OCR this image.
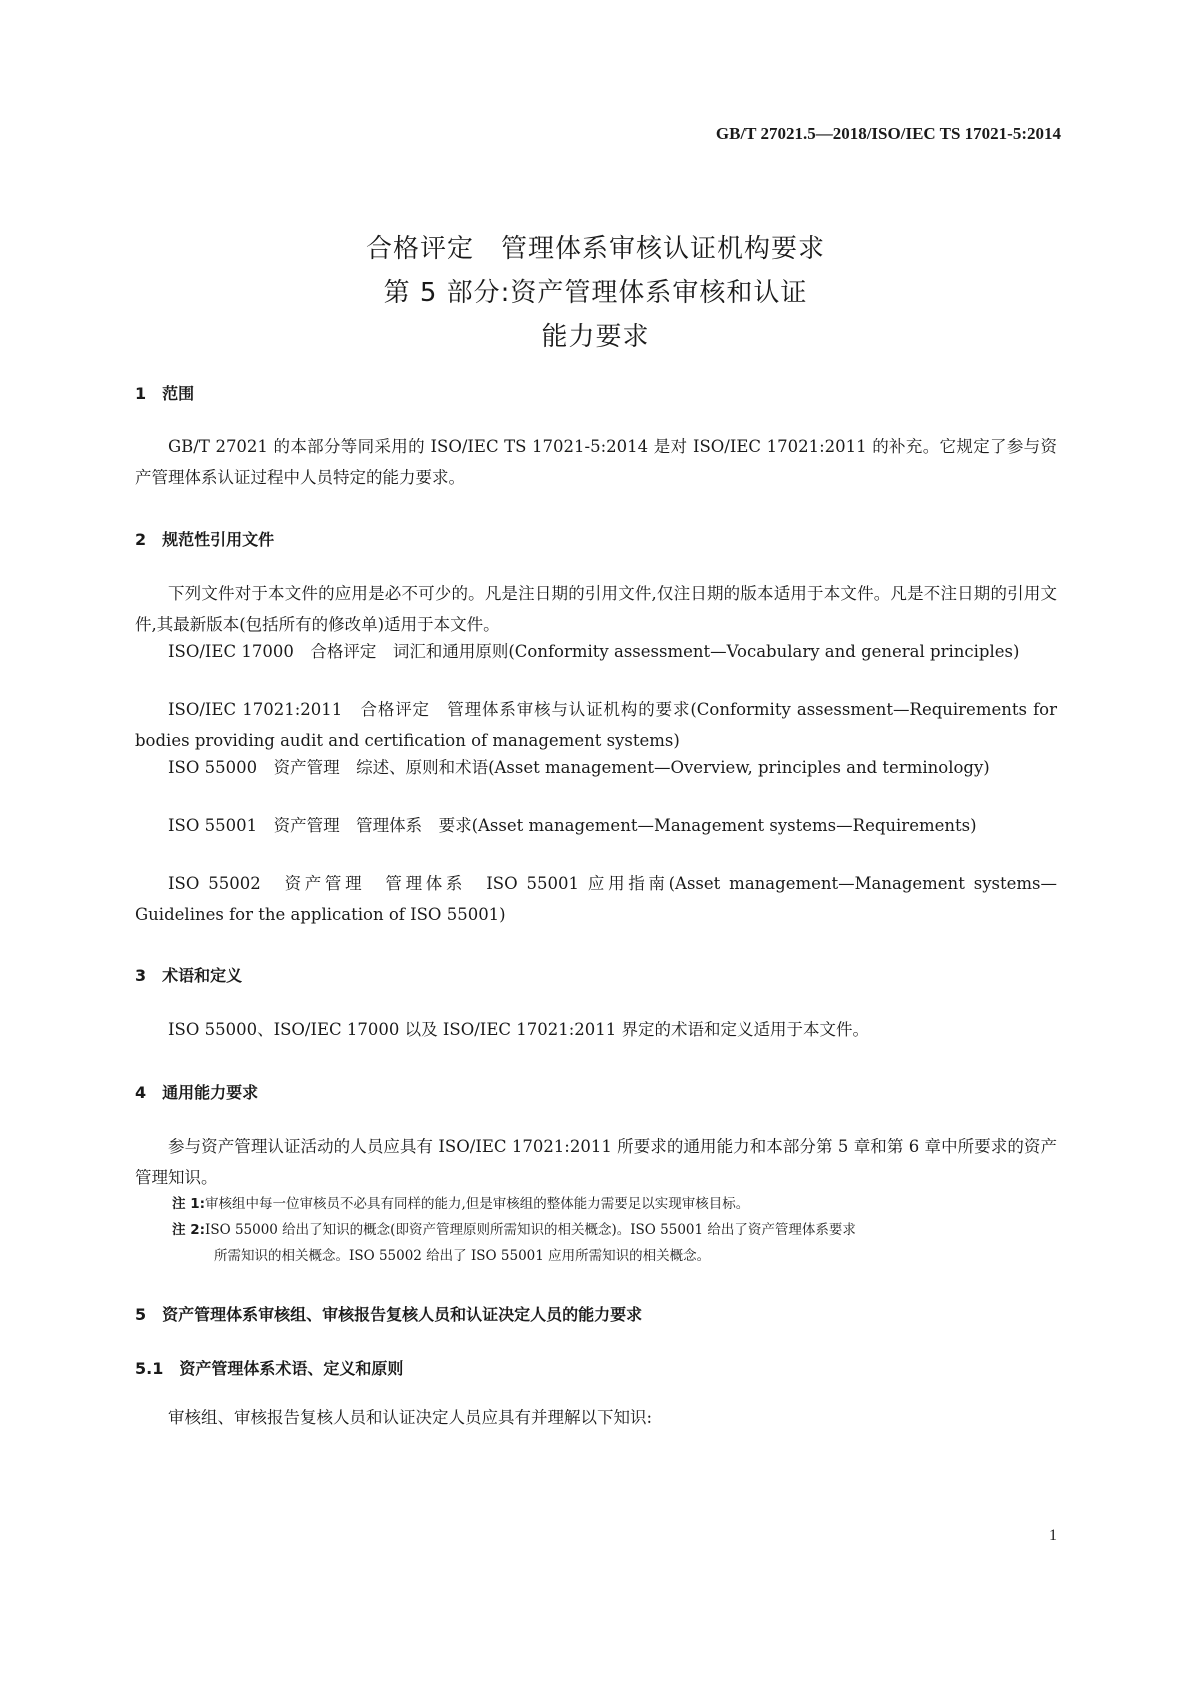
GB/T 27021.5—2018/ISO/IEC TS 17021-5:2014
合格评定　管理体系审核认证机构要求
第 5 部分:资产管理体系审核和认证
能力要求
1　范围
GB/T 27021 的本部分等同采用的 ISO/IEC TS 17021-5:2014 是对 ISO/IEC 17021:2011 的补充。它规定了参与资产管理体系认证过程中人员特定的能力要求。
2　规范性引用文件
下列文件对于本文件的应用是必不可少的。凡是注日期的引用文件,仅注日期的版本适用于本文件。凡是不注日期的引用文件,其最新版本(包括所有的修改单)适用于本文件。
ISO/IEC 17000　合格评定　词汇和通用原则(Conformity assessment—Vocabulary and general principles)
ISO/IEC 17021:2011　合格评定　管理体系审核与认证机构的要求(Conformity assessment—Requirements for bodies providing audit and certification of management systems)
ISO 55000　资产管理　综述、原则和术语(Asset management—Overview, principles and terminology)
ISO 55001　资产管理　管理体系　要求(Asset management—Management systems—Requirements)
ISO 55002　资产管理　管理体系　ISO 55001 应用指南(Asset management—Management systems—Guidelines for the application of ISO 55001)
3　术语和定义
ISO 55000、ISO/IEC 17000 以及 ISO/IEC 17021:2011 界定的术语和定义适用于本文件。
4　通用能力要求
参与资产管理认证活动的人员应具有 ISO/IEC 17021:2011 所要求的通用能力和本部分第 5 章和第 6 章中所要求的资产管理知识。
注 1:审核组中每一位审核员不必具有同样的能力,但是审核组的整体能力需要足以实现审核目标。
注 2:ISO 55000 给出了知识的概念(即资产管理原则所需知识的相关概念)。ISO 55001 给出了资产管理体系要求
所需知识的相关概念。ISO 55002 给出了 ISO 55001 应用所需知识的相关概念。
5　资产管理体系审核组、审核报告复核人员和认证决定人员的能力要求
5.1　资产管理体系术语、定义和原则
审核组、审核报告复核人员和认证决定人员应具有并理解以下知识:
1
